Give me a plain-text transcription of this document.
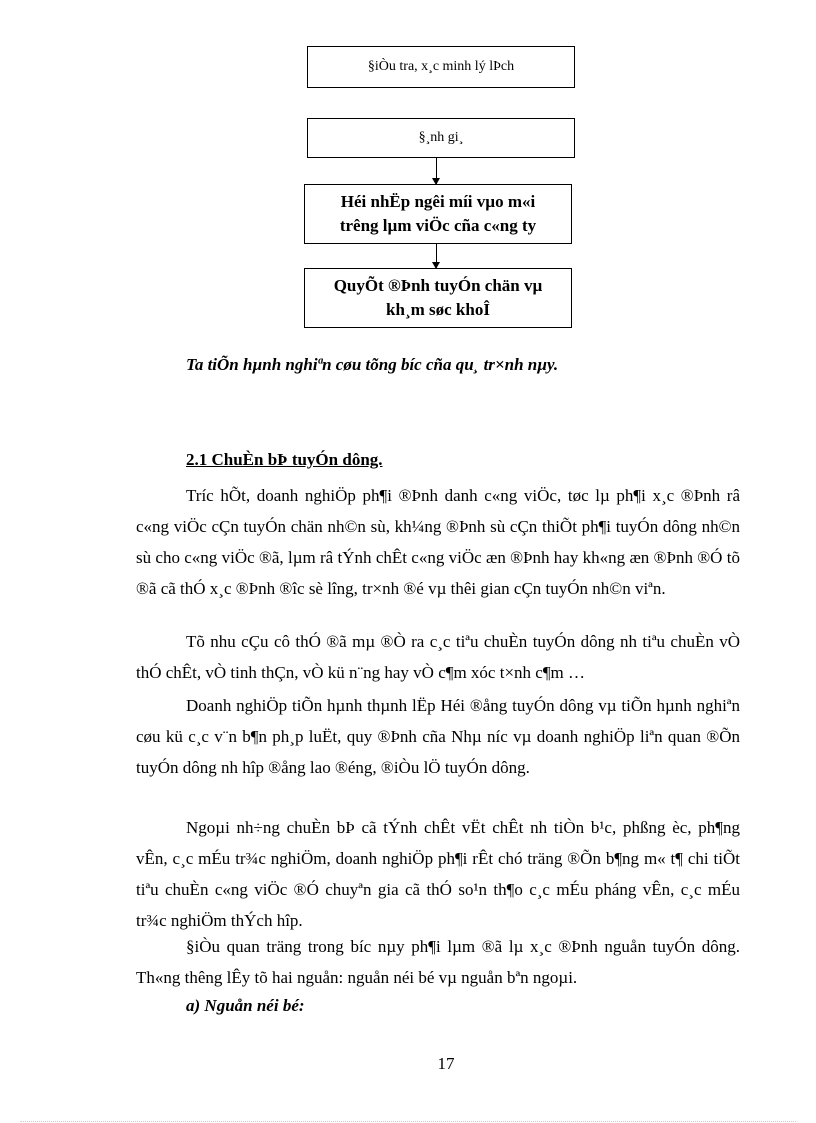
§iÒu tra, x¸c minh lý lÞch
§¸nh gi¸
Héi nhËp ngêi míi vµo m«i
trêng lµm viÖc cña c«ng ty
QuyÕt ®Þnh tuyÓn chän vµ
kh¸m søc khoÎ
Ta tiÕn hµnh nghiªn cøu tõng bíc cña qu¸ tr×nh nµy.
2.1 ChuÈn bÞ tuyÓn dông.

Tríc hÕt, doanh nghiÖp ph¶i ®Þnh danh c«ng viÖc, tøc lµ ph¶i x¸c ®Þnh râ c«ng viÖc cÇn tuyÓn chän nh©n sù, kh¼ng ®Þnh sù cÇn thiÕt ph¶i tuyÓn dông nh©n sù cho c«ng viÖc ®ã, lµm râ tÝnh chÊt c«ng viÖc æn ®Þnh hay kh«ng æn ®Þnh ®Ó tõ ®ã cã thÓ x¸c ®Þnh ®îc sè lîng, tr×nh ®é vµ thêi gian cÇn tuyÓn nh©n viªn.

Tõ nhu cÇu cô thÓ ®ã mµ ®Ò ra c¸c tiªu chuÈn tuyÓn dông nh tiªu chuÈn vÒ thÓ chÊt, vÒ tinh thÇn, vÒ kü n¨ng hay vÒ c¶m xóc t×nh c¶m …

Doanh nghiÖp tiÕn hµnh thµnh lËp Héi ®ång tuyÓn dông vµ tiÕn hµnh nghiªn cøu kü c¸c v¨n b¶n ph¸p luËt, quy ®Þnh cña Nhµ níc vµ doanh nghiÖp liªn quan ®Õn tuyÓn dông nh hîp ®ång lao ®éng, ®iÒu lÖ tuyÓn dông.

Ngoµi nh÷ng chuÈn bÞ cã tÝnh chÊt vËt chÊt nh tiÒn b¹c, phßng èc, ph¶ng vÊn, c¸c mÉu tr¾c nghiÖm, doanh nghiÖp ph¶i rÊt chó träng ®Õn b¶ng m« t¶ chi tiÕt tiªu chuÈn c«ng viÖc ®Ó chuyªn gia cã thÓ so¹n th¶o c¸c mÉu pháng vÊn, c¸c mÉu tr¾c nghiÖm thÝch hîp.

§iÒu quan träng trong bíc nµy ph¶i lµm ®ã lµ x¸c ®Þnh nguån tuyÓn dông. Th«ng thêng lÊy tõ hai nguån: nguån néi bé vµ nguån bªn ngoµi.

a) Nguån néi bé:
17
